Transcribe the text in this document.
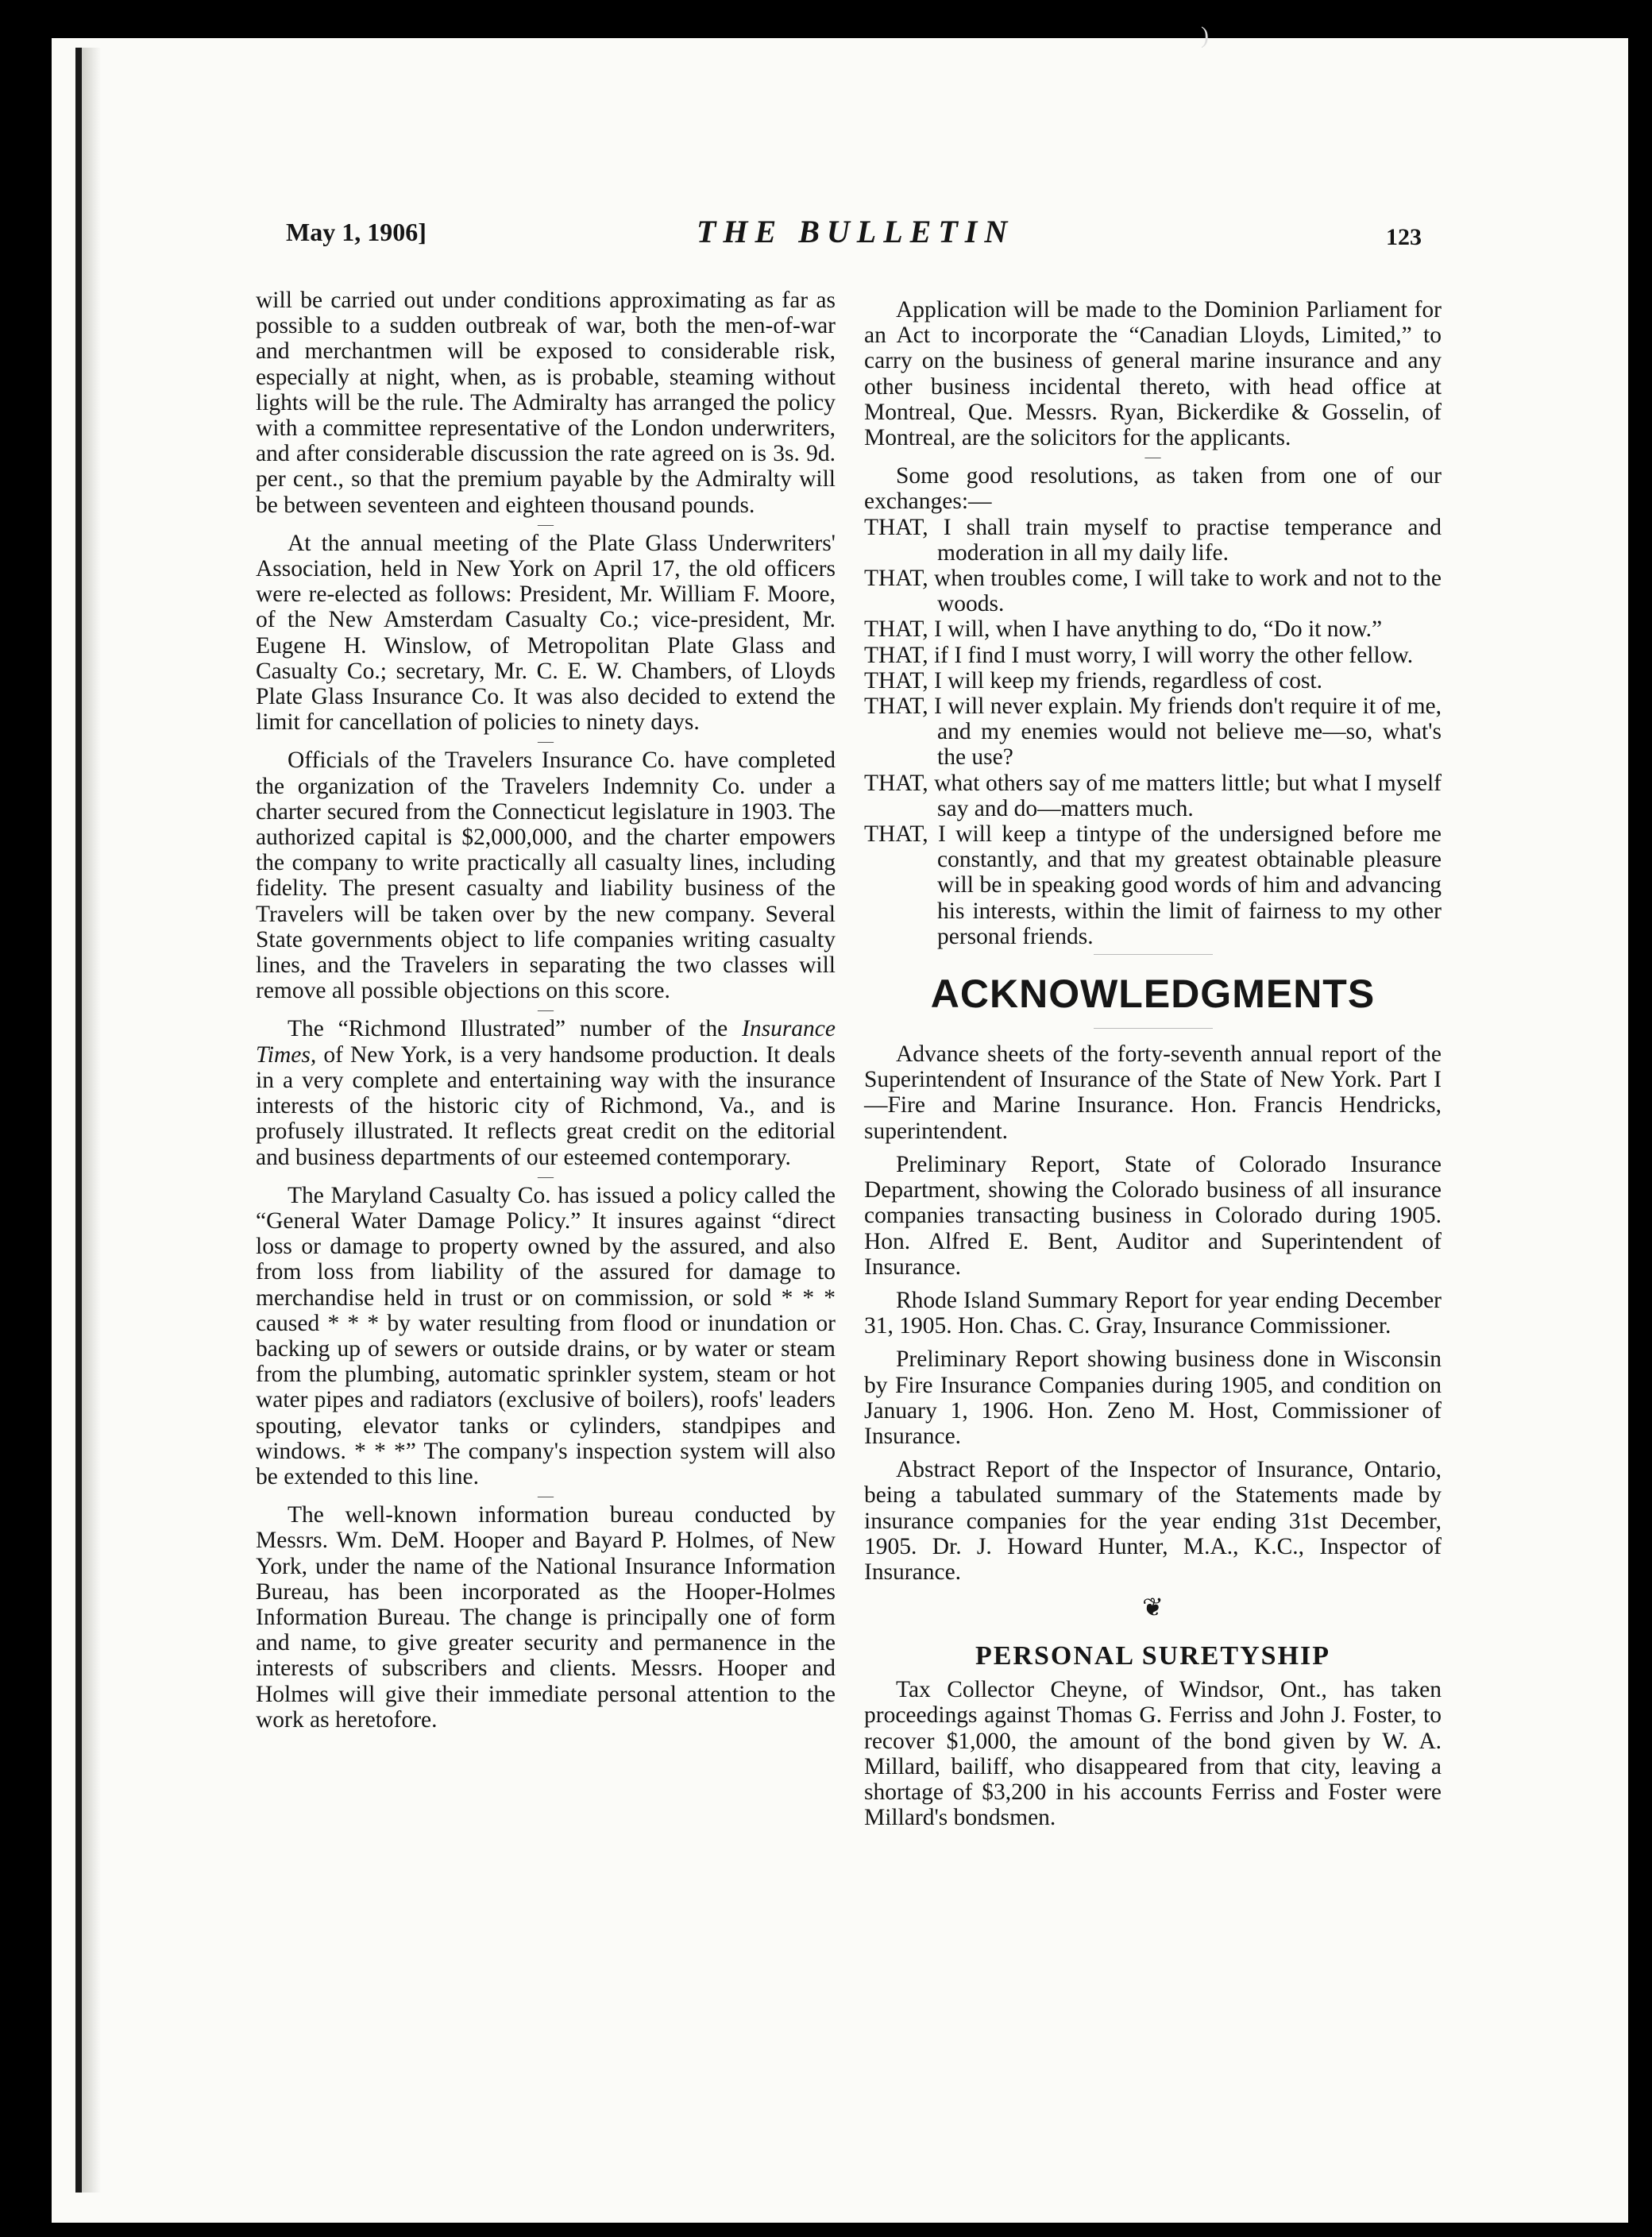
)
May 1, 1906]	THE BULLETIN	123

will be carried out under conditions approximating as far as possible to a sudden outbreak of war, both the men-of-war and merchantmen will be exposed to considerable risk, especially at night, when, as is probable, steaming without lights will be the rule. The Admiralty has arranged the policy with a committee representative of the London underwriters, and after considerable discussion the rate agreed on is 3s. 9d. per cent., so that the premium payable by the Admiralty will be between seventeen and eighteen thousand pounds.

—

At the annual meeting of the Plate Glass Underwriters' Association, held in New York on April 17, the old officers were re-elected as follows: President, Mr. William F. Moore, of the New Amsterdam Casualty Co.; vice-president, Mr. Eugene H. Winslow, of Metropolitan Plate Glass and Casualty Co.; secretary, Mr. C. E. W. Chambers, of Lloyds Plate Glass Insurance Co. It was also decided to extend the limit for cancellation of policies to ninety days.

—

Officials of the Travelers Insurance Co. have completed the organization of the Travelers Indemnity Co. under a charter secured from the Connecticut legislature in 1903. The authorized capital is $2,000,000, and the charter empowers the company to write practically all casualty lines, including fidelity. The present casualty and liability business of the Travelers will be taken over by the new company. Several State governments object to life companies writing casualty lines, and the Travelers in separating the two classes will remove all possible objections on this score.

—

The “Richmond Illustrated” number of the Insurance Times, of New York, is a very handsome production. It deals in a very complete and entertaining way with the insurance interests of the historic city of Richmond, Va., and is profusely illustrated. It reflects great credit on the editorial and business departments of our esteemed contemporary.

—

The Maryland Casualty Co. has issued a policy called the “General Water Damage Policy.” It insures against “direct loss or damage to property owned by the assured, and also from loss from liability of the assured for damage to merchandise held in trust or on commission, or sold * * * caused * * * by water resulting from flood or inundation or backing up of sewers or outside drains, or by water or steam from the plumbing, automatic sprinkler system, steam or hot water pipes and radiators (exclusive of boilers), roofs' leaders spouting, elevator tanks or cylinders, standpipes and windows. * * *” The company's inspection system will also be extended to this line.

—

The well-known information bureau conducted by Messrs. Wm. DeM. Hooper and Bayard P. Holmes, of New York, under the name of the National Insurance Information Bureau, has been incorporated as the Hooper-Holmes Information Bureau. The change is principally one of form and name, to give greater security and permanence in the interests of subscribers and clients. Messrs. Hooper and Holmes will give their immediate personal attention to the work as heretofore.

Application will be made to the Dominion Parliament for an Act to incorporate the “Canadian Lloyds, Limited,” to carry on the business of general marine insurance and any other business incidental thereto, with head office at Montreal, Que. Messrs. Ryan, Bickerdike & Gosselin, of Montreal, are the solicitors for the applicants.

—

Some good resolutions, as taken from one of our exchanges:—

THAT, I shall train myself to practise temperance and moderation in all my daily life.
THAT, when troubles come, I will take to work and not to the woods.
THAT, I will, when I have anything to do, “Do it now.”
THAT, if I find I must worry, I will worry the other fellow.
THAT, I will keep my friends, regardless of cost.
THAT, I will never explain. My friends don't require it of me, and my enemies would not believe me—so, what's the use?
THAT, what others say of me matters little; but what I myself say and do—matters much.
THAT, I will keep a tintype of the undersigned before me constantly, and that my greatest obtainable pleasure will be in speaking good words of him and advancing his interests, within the limit of fairness to my other personal friends.
ACKNOWLEDGMENTS

Advance sheets of the forty-seventh annual report of the Superintendent of Insurance of the State of New York. Part I—Fire and Marine Insurance. Hon. Francis Hendricks, superintendent.

Preliminary Report, State of Colorado Insurance Department, showing the Colorado business of all insurance companies transacting business in Colorado during 1905. Hon. Alfred E. Bent, Auditor and Superintendent of Insurance.

Rhode Island Summary Report for year ending December 31, 1905. Hon. Chas. C. Gray, Insurance Commissioner.

Preliminary Report showing business done in Wisconsin by Fire Insurance Companies during 1905, and condition on January 1, 1906. Hon. Zeno M. Host, Commissioner of Insurance.

Abstract Report of the Inspector of Insurance, Ontario, being a tabulated summary of the Statements made by insurance companies for the year ending 31st December, 1905. Dr. J. Howard Hunter, M.A., K.C., Inspector of Insurance.

❦
PERSONAL SURETYSHIP

Tax Collector Cheyne, of Windsor, Ont., has taken proceedings against Thomas G. Ferriss and John J. Foster, to recover $1,000, the amount of the bond given by W. A. Millard, bailiff, who disappeared from that city, leaving a shortage of $3,200 in his accounts Ferriss and Foster were Millard's bondsmen.
